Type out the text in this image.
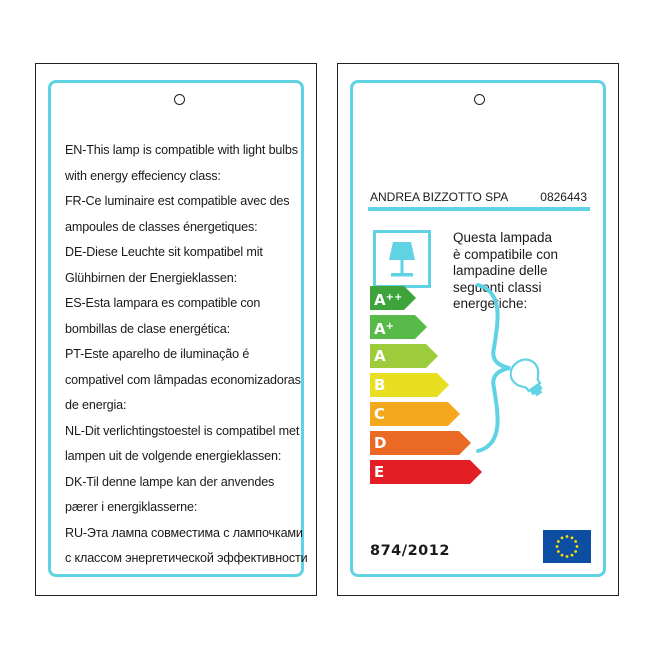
EN-This lamp is compatible with light bulbs
with energy effeciency class:
FR-Ce luminaire est compatible avec des
ampoules de classes énergetiques:
DE-Diese Leuchte sit kompatibel mit
Glühbirnen der Energieklassen:
ES-Esta lampara es compatible con
bombillas de clase energética:
PT-Este aparelho de iluminação é
compativel com lâmpadas economizadoras
de energia:
NL-Dit verlichtingstoestel is compatibel met
lampen uit de volgende energieklassen:
DK-Til denne lampe kan der anvendes
pærer i energiklasserne:
RU-Эта лампа совместима с лампочками
с классом энергетической эффективности
ANDREA BIZZOTTO SPA	0826443
Questa lampada
è compatibile con
lampadine delle
seguenti classi
energetiche:
A++
A+
A
B
C
D
E
874/2012
